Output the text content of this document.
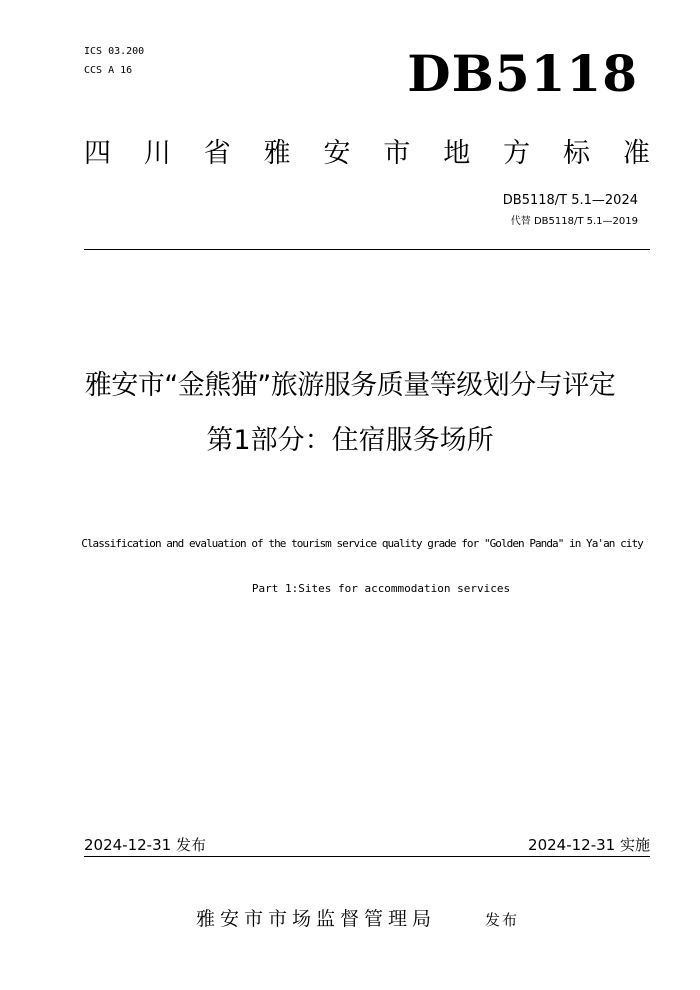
ICS 03.200
CCS A 16	DB5118
四 川 省 雅 安 市 地 方 标 准
DB5118/T 5.1—2024
代替 DB5118/T 5.1—2019
雅安市“金熊猫”旅游服务质量等级划分与评定
第1部分：住宿服务场所
Classification and evaluation of the tourism service quality grade for "Golden Panda" in Ya'an city
Part 1:Sites for accommodation services
2024-12-31 发布	2024-12-31 实施
雅安市市场监督管理局	发布
